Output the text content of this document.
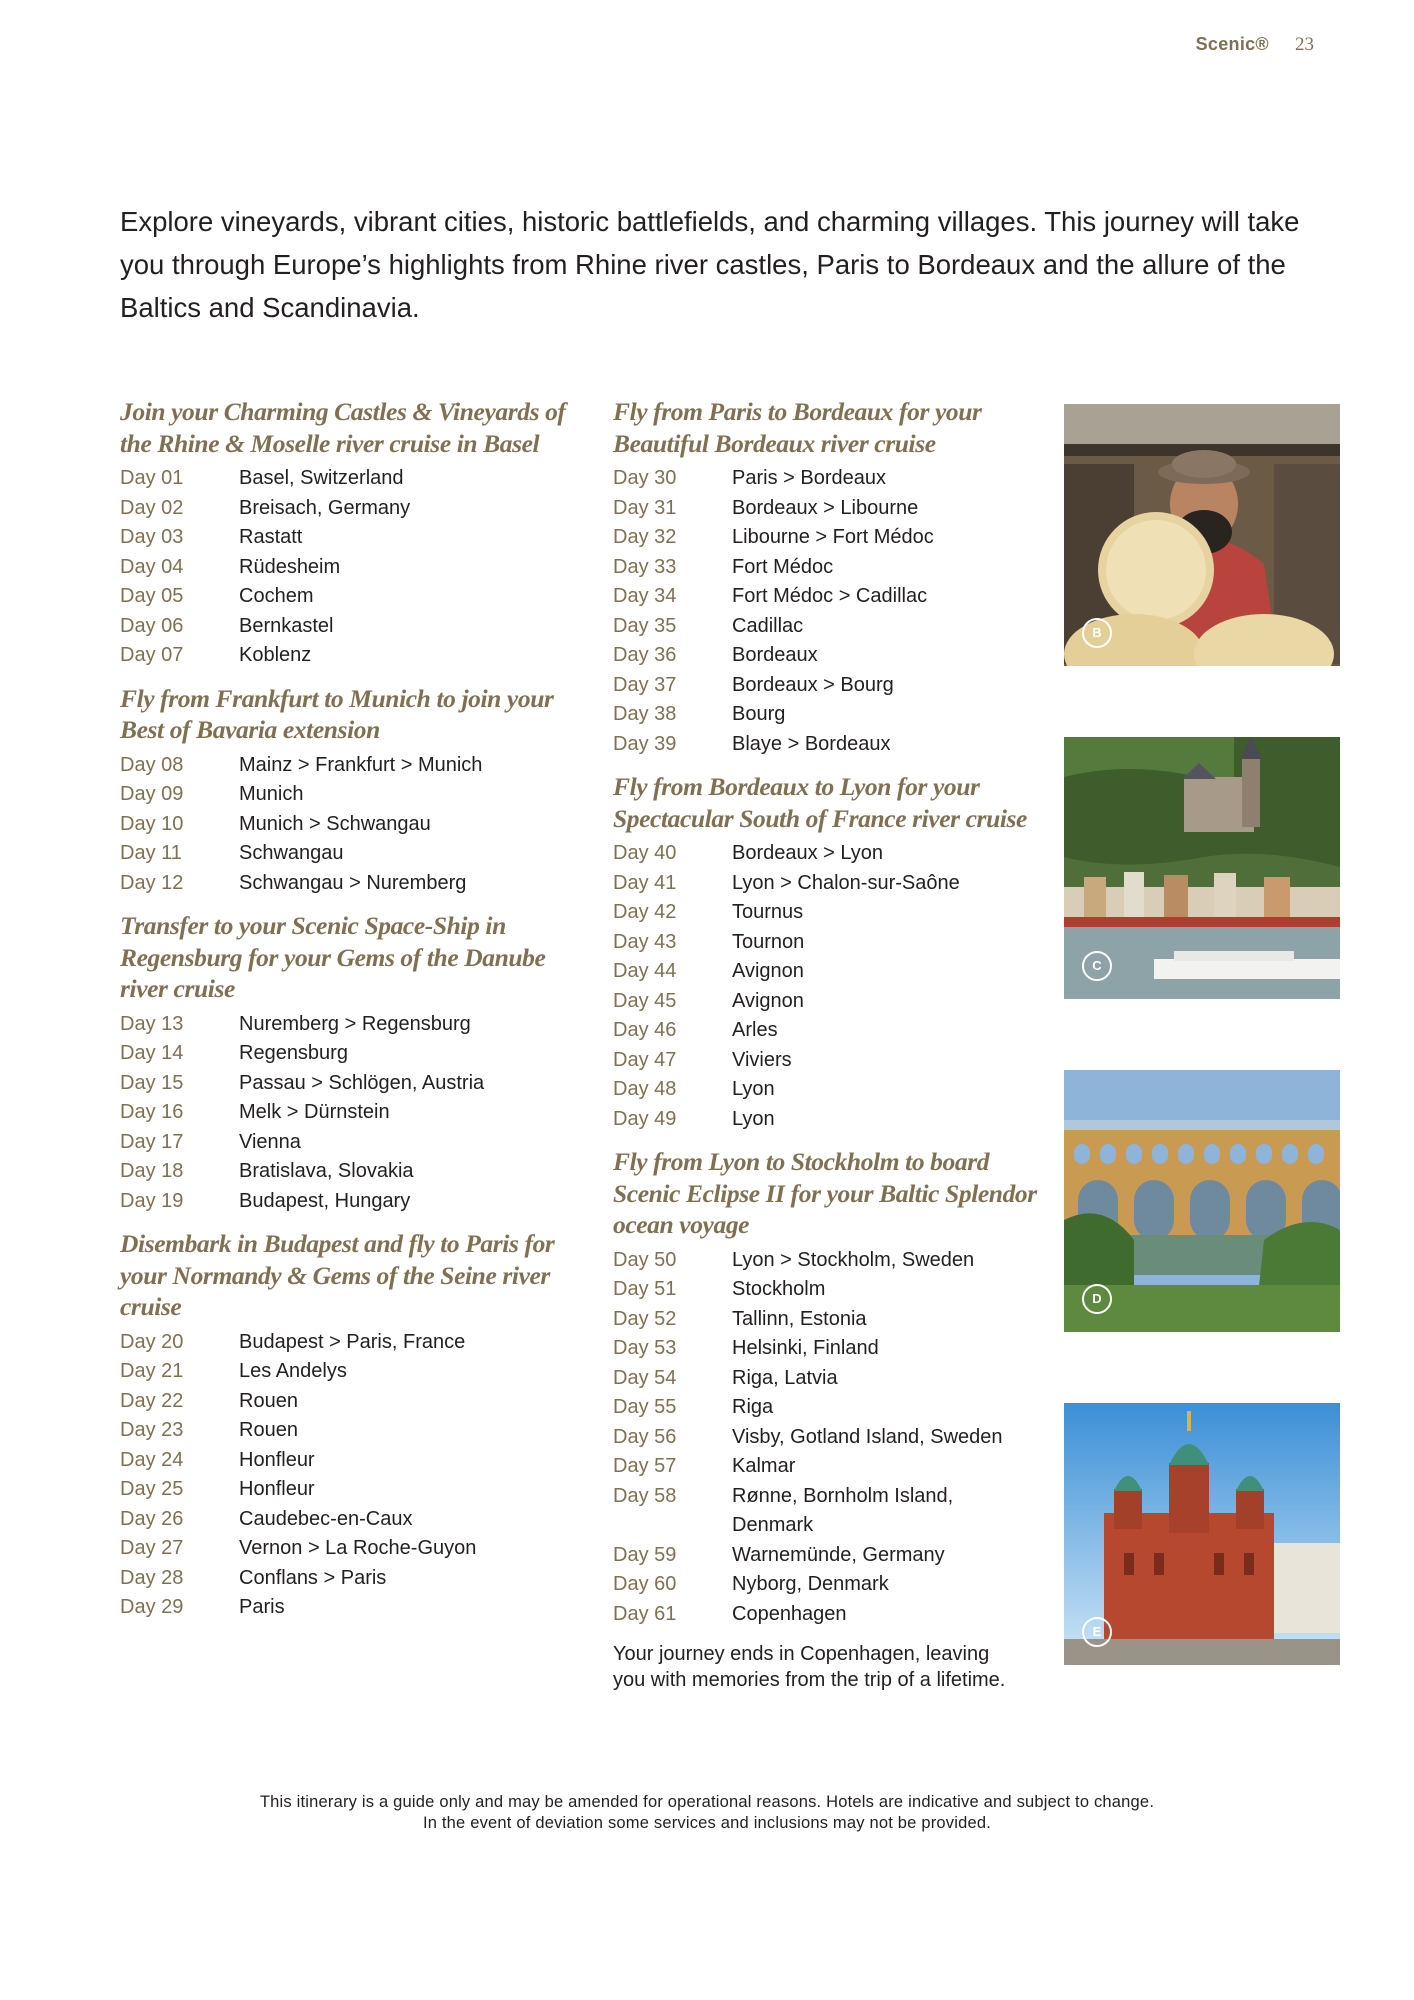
Scenic® 23

Explore vineyards, vibrant cities, historic battlefields, and charming villages. This journey will take you through Europe’s highlights from Rhine river castles, Paris to Bordeaux and the allure of the Baltics and Scandinavia.

Join your Charming Castles & Vineyards of the Rhine & Moselle river cruise in Basel
Day 01	Basel, Switzerland
Day 02	Breisach, Germany
Day 03	Rastatt
Day 04	Rüdesheim
Day 05	Cochem
Day 06	Bernkastel
Day 07	Koblenz
Fly from Frankfurt to Munich to join your Best of Bavaria extension
Day 08	Mainz > Frankfurt > Munich
Day 09	Munich
Day 10	Munich > Schwangau
Day 11	Schwangau
Day 12	Schwangau > Nuremberg
Transfer to your Scenic Space-Ship in Regensburg for your Gems of the Danube river cruise
Day 13	Nuremberg > Regensburg
Day 14	Regensburg
Day 15	Passau > Schlögen, Austria
Day 16	Melk > Dürnstein
Day 17	Vienna
Day 18	Bratislava, Slovakia
Day 19	Budapest, Hungary
Disembark in Budapest and fly to Paris for your Normandy & Gems of the Seine river cruise
Day 20	Budapest > Paris, France
Day 21	Les Andelys
Day 22	Rouen
Day 23	Rouen
Day 24	Honfleur
Day 25	Honfleur
Day 26	Caudebec-en-Caux
Day 27	Vernon > La Roche-Guyon
Day 28	Conflans > Paris
Day 29	Paris
Fly from Paris to Bordeaux for your Beautiful Bordeaux river cruise
Day 30	Paris > Bordeaux
Day 31	Bordeaux > Libourne
Day 32	Libourne > Fort Médoc
Day 33	Fort Médoc
Day 34	Fort Médoc > Cadillac
Day 35	Cadillac
Day 36	Bordeaux
Day 37	Bordeaux > Bourg
Day 38	Bourg
Day 39	Blaye > Bordeaux
Fly from Bordeaux to Lyon for your Spectacular South of France river cruise
Day 40	Bordeaux > Lyon
Day 41	Lyon > Chalon-sur-Saône
Day 42	Tournus
Day 43	Tournon
Day 44	Avignon
Day 45	Avignon
Day 46	Arles
Day 47	Viviers
Day 48	Lyon
Day 49	Lyon
Fly from Lyon to Stockholm to board Scenic Eclipse II for your Baltic Splendor ocean voyage
Day 50	Lyon > Stockholm, Sweden
Day 51	Stockholm
Day 52	Tallinn, Estonia
Day 53	Helsinki, Finland
Day 54	Riga, Latvia
Day 55	Riga
Day 56	Visby, Gotland Island, Sweden
Day 57	Kalmar
Day 58	Rønne, Bornholm Island, Denmark
Day 59	Warnemünde, Germany
Day 60	Nyborg, Denmark
Day 61	Copenhagen

Your journey ends in Copenhagen, leaving you with memories from the trip of a lifetime.

B
C
D
E
This itinerary is a guide only and may be amended for operational reasons. Hotels are indicative and subject to change.
In the event of deviation some services and inclusions may not be provided.
